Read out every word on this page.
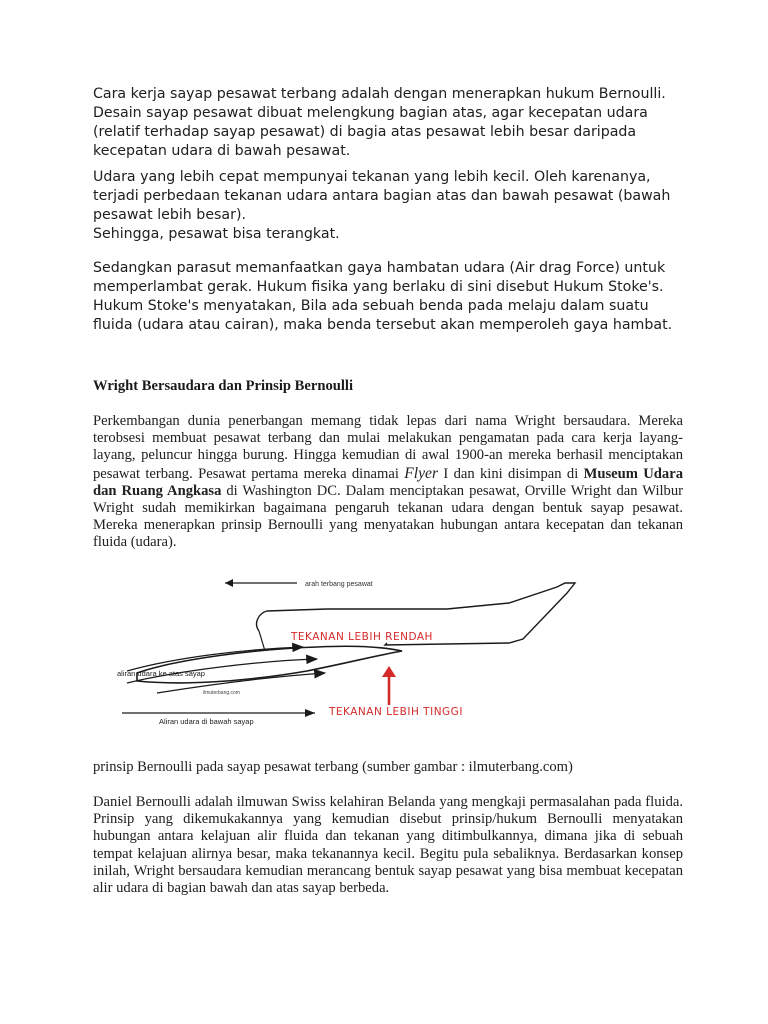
Cara kerja sayap pesawat terbang adalah dengan menerapkan hukum Bernoulli. Desain sayap pesawat dibuat melengkung bagian atas, agar kecepatan udara (relatif terhadap sayap pesawat) di bagia atas pesawat lebih besar daripada kecepatan udara di bawah pesawat.

Udara yang lebih cepat mempunyai tekanan yang lebih kecil. Oleh karenanya, terjadi perbedaan tekanan udara antara bagian atas dan bawah pesawat (bawah pesawat lebih besar).
Sehingga, pesawat bisa terangkat.

Sedangkan parasut memanfaatkan gaya hambatan udara (Air drag Force) untuk memperlambat gerak. Hukum fisika yang berlaku di sini disebut Hukum Stoke's. Hukum Stoke's menyatakan, Bila ada sebuah benda pada melaju dalam suatu fluida (udara atau cairan), maka benda tersebut akan memperoleh gaya hambat.

Wright Bersaudara dan Prinsip Bernoulli

Perkembangan dunia penerbangan memang tidak lepas dari nama Wright bersaudara. Mereka terobsesi membuat pesawat terbang dan mulai melakukan pengamatan pada cara kerja layang-layang, peluncur hingga burung. Hingga kemudian di awal 1900-an mereka berhasil menciptakan pesawat terbang. Pesawat pertama mereka dinamai Flyer I dan kini disimpan di Museum Udara dan Ruang Angkasa di Washington DC. Dalam menciptakan pesawat, Orville Wright dan Wilbur Wright sudah memikirkan bagaimana pengaruh tekanan udara dengan bentuk sayap pesawat. Mereka menerapkan prinsip Bernoulli yang menyatakan hubungan antara kecepatan dan tekanan fluida (udara).

arah terbang pesawat
aliran udara ke atas sayap
Aliran udara di bawah sayap
ilmuterbang.com
TEKANAN LEBIH RENDAH
TEKANAN LEBIH TINGGI
prinsip Bernoulli pada sayap pesawat terbang (sumber gambar : ilmuterbang.com)

Daniel Bernoulli adalah ilmuwan Swiss kelahiran Belanda yang mengkaji permasalahan pada fluida. Prinsip yang dikemukakannya yang kemudian disebut prinsip/hukum Bernoulli menyatakan hubungan antara kelajuan alir fluida dan tekanan yang ditimbulkannya, dimana jika di sebuah tempat kelajuan alirnya besar, maka tekanannya kecil. Begitu pula sebaliknya. Berdasarkan konsep inilah, Wright bersaudara kemudian merancang bentuk sayap pesawat yang bisa membuat kecepatan alir udara di bagian bawah dan atas sayap berbeda.
